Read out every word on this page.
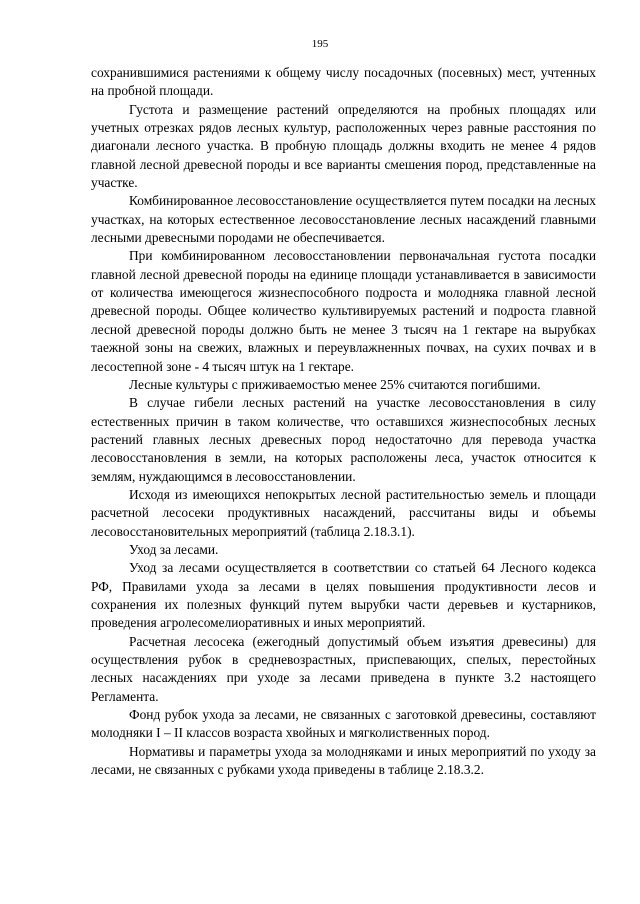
195

сохранившимися растениями к общему числу посадочных (посевных) мест, учтенных на пробной площади.

Густота и размещение растений определяются на пробных площадях или учетных отрезках рядов лесных культур, расположенных через равные расстояния по диагонали лесного участка. В пробную площадь должны входить не менее 4 рядов главной лесной древесной породы и все варианты смешения пород, представленные на участке.

Комбинированное лесовосстановление осуществляется путем посадки на лесных участках, на которых естественное лесовосстановление лесных насаждений главными лесными древесными породами не обеспечивается.

При комбинированном лесовосстановлении первоначальная густота посадки главной лесной древесной породы на единице площади устанавливается в зависимости от количества имеющегося жизнеспособного подроста и молодняка главной лесной древесной породы. Общее количество культивируемых растений и подроста главной лесной древесной породы должно быть не менее 3 тысяч на 1 гектаре на вырубках таежной зоны на свежих, влажных и переувлажненных почвах, на сухих почвах и в лесостепной зоне - 4 тысяч штук на 1 гектаре.

Лесные культуры с приживаемостью менее 25% считаются погибшими.

В случае гибели лесных растений на участке лесовосстановления в силу естественных причин в таком количестве, что оставшихся жизнеспособных лесных растений главных лесных древесных пород недостаточно для перевода участка лесовосстановления в земли, на которых расположены леса, участок относится к землям, нуждающимся в лесовосстановлении.

Исходя из имеющихся непокрытых лесной растительностью земель и площади расчетной лесосеки продуктивных насаждений, рассчитаны виды и объемы лесовосстановительных мероприятий (таблица 2.18.3.1).

Уход за лесами.

Уход за лесами осуществляется в соответствии со статьей 64 Лесного кодекса РФ, Правилами ухода за лесами в целях повышения продуктивности лесов и сохранения их полезных функций путем вырубки части деревьев и кустарников, проведения агролесомелиоративных и иных мероприятий.

Расчетная лесосека (ежегодный допустимый объем изъятия древесины) для осуществления рубок в средневозрастных, приспевающих, спелых, перестойных лесных насаждениях при уходе за лесами приведена в пункте 3.2 настоящего Регламента.

Фонд рубок ухода за лесами, не связанных с заготовкой древесины, составляют молодняки I – II классов возраста хвойных и мягколиственных пород.

Нормативы и параметры ухода за молодняками и иных мероприятий по уходу за лесами, не связанных с рубками ухода приведены в таблице 2.18.3.2.
